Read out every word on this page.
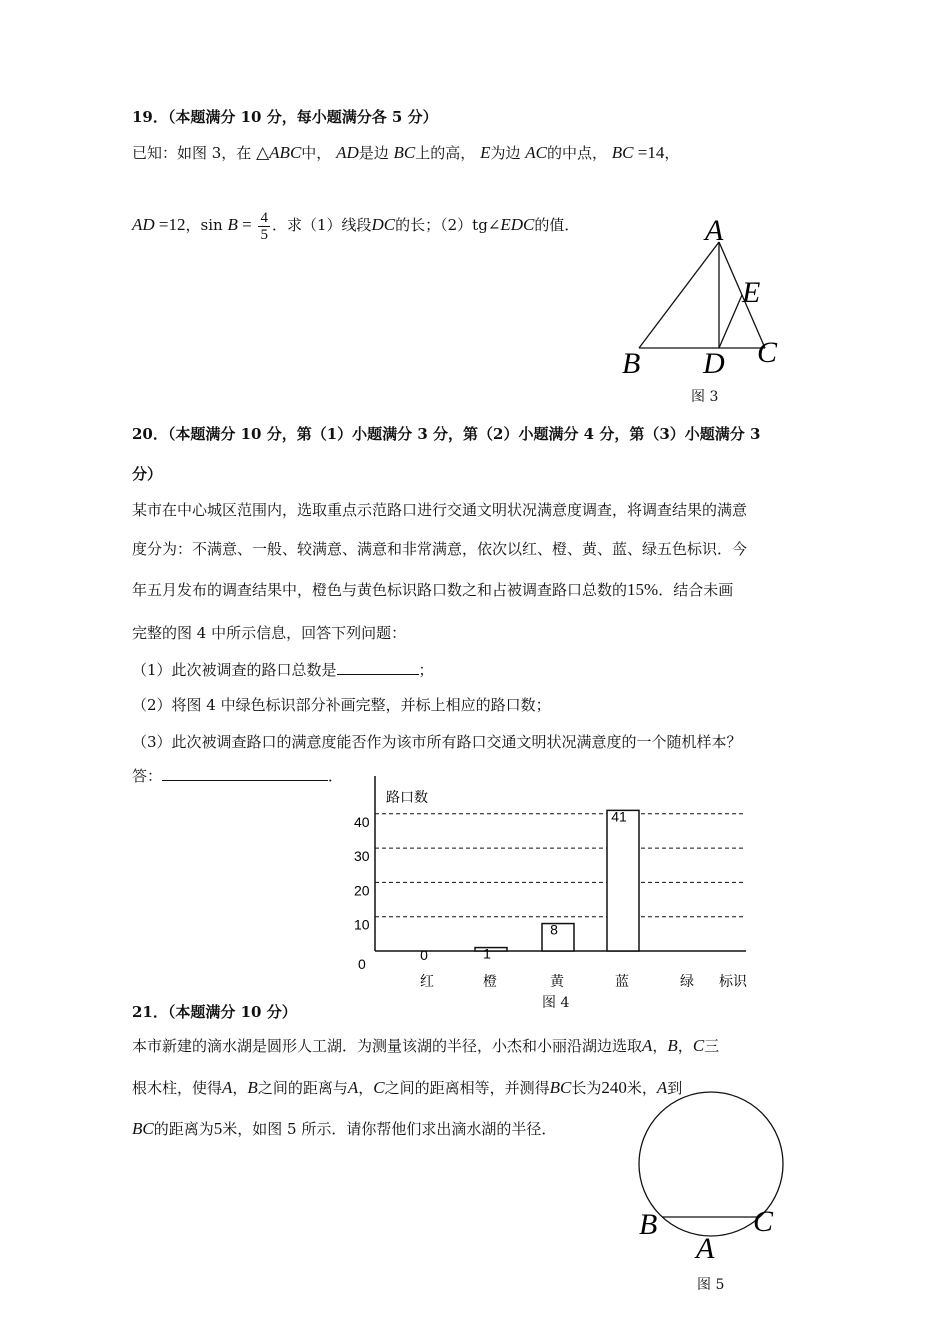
19．（本题满分 10 分，每小题满分各 5 分）
已知：如图 3，在 △ABC中， AD是边 BC上的高， E为边 AC的中点， BC =14，
AD =12，$\sin B = \frac{4}{5}$ ．求（1）线段DC的长；（2）tg∠EDC的值．	A
E
B D C
图 3
20．（本题满分 10 分，第（1）小题满分 3 分，第（2）小题满分 4 分，第（3）小题满分 3
分）
某市在中心城区范围内，选取重点示范路口进行交通文明状况满意度调查，将调查结果的满意
度分为：不满意、一般、较满意、满意和非常满意，依次以红、橙、黄、蓝、绿五色标识．今
年五月发布的调查结果中，橙色与黄色标识路口数之和占被调查路口总数的15%．结合未画
完整的图 4 中所示信息，回答下列问题：
（1）此次被调查的路口总数是	；
（2）将图 4 中绿色标识部分补画完整，并标上相应的路口数；
（3）此次被调查路口的满意度能否作为该市所有路口交通文明状况满意度的一个随机样本？
答：	．
路口数
0
10
20
30
40
0	1
8
41
红	橙	黄	蓝	绿 标识
图 4
21．（本题满分 10 分）
本市新建的滴水湖是圆形人工湖．为测量该湖的半径，小杰和小丽沿湖边选取A，B，C三
根木柱，使得A，B之间的距离与A，C之间的距离相等，并测得BC长为240米，A到
BC的距离为5米，如图 5 所示．请你帮他们求出滴水湖的半径．
B	C
A
图 5
